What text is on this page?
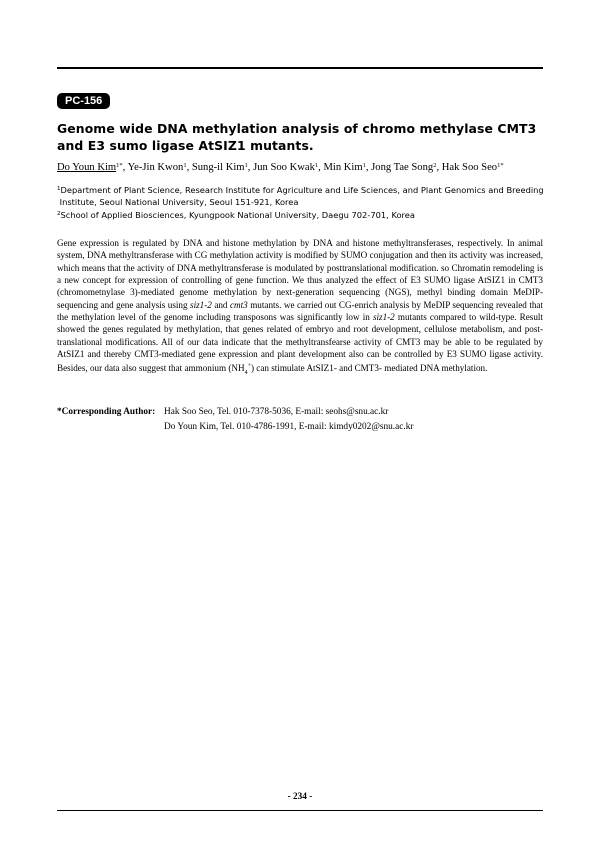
PC-156
Genome wide DNA methylation analysis of chromo methylase CMT3 and E3 sumo ligase AtSIZ1 mutants.
Do Youn Kim$^{1*}$, Ye-Jin Kwon$^1$, Sung-il Kim$^1$, Jun Soo Kwak$^1$, Min Kim$^1$, Jong Tae Song$^2$, Hak Soo Seo$^{1*}$
$^1$Department of Plant Science, Research Institute for Agriculture and Life Sciences, and Plant Genomics and Breeding
Institute, Seoul National University, Seoul 151-921, Korea
$^2$School of Applied Biosciences, Kyungpook National University, Daegu 702-701, Korea

Gene expression is regulated by DNA and histone methylation by DNA and histone methyltransferases, respectively. In animal system, DNA methyltransferase with CG methylation activity is modified by SUMO conjugation and then its activity was increased, which means that the activity of DNA methyltransferase is modulated by posttranslational modification. so Chromatin remodeling is a new concept for expression of controlling of gene function. We thus analyzed the effect of E3 SUMO ligase AtSIZ1 in CMT3 (chromometnylase 3)-mediated genome methylation by next-generation sequencing (NGS), methyl binding domain MeDIP-sequencing and gene analysis using siz1-2 and cmt3 mutants. we carried out CG-enrich analysis by MeDIP sequencing revealed that the methylation level of the genome including transposons was significantly low in siz1-2 mutants compared to wild-type. Result showed the genes regulated by methylation, that genes related of embryo and root development, cellulose metabolism, and post-translational modifications. All of our data indicate that the methyltransfearse activity of CMT3 may be able to be regulated by AtSIZ1 and thereby CMT3-mediated gene expression and plant development also can be controlled by E3 SUMO ligase activity. Besides, our data also suggest that ammonium $(NH_4^+)$ can stimulate AtSIZ1- and CMT3- mediated DNA methylation.

*Corresponding Author: Hak Soo Seo, Tel. 010-7378-5036, E-mail: seohs@snu.ac.kr
Do Youn Kim, Tel. 010-4786-1991, E-mail: kimdy0202@snu.ac.kr
- 234 -
